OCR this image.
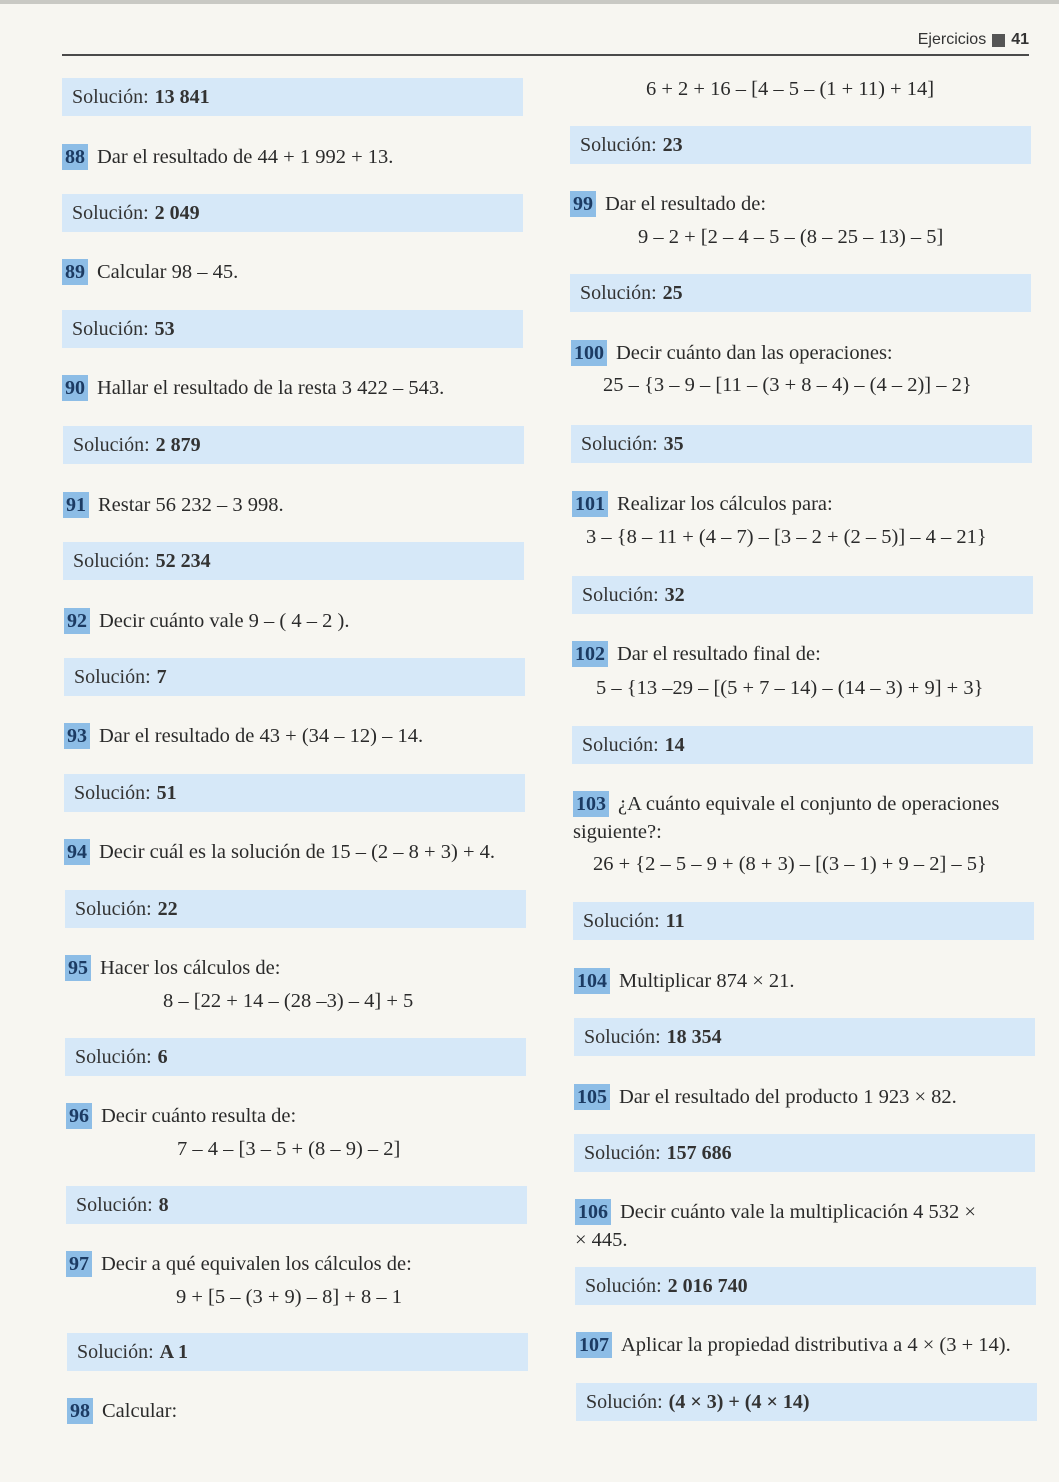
Ejercicios 41
Solución: 13 841
88 Dar el resultado de 44 + 1 992 + 13.
Solución: 2 049
89 Calcular 98 – 45.
Solución: 53
90 Hallar el resultado de la resta 3 422 – 543.
Solución: 2 879
91 Restar 56 232 – 3 998.
Solución: 52 234
92 Decir cuánto vale 9 – ( 4 – 2 ).
Solución: 7
93 Dar el resultado de 43 + (34 – 12) – 14.
Solución: 51
94 Decir cuál es la solución de 15 – (2 – 8 + 3) + 4.
Solución: 22
95 Hacer los cálculos de:
8 – [22 + 14 – (28 –3) – 4] + 5
Solución: 6
96 Decir cuánto resulta de:
7 – 4 – [3 – 5 + (8 – 9) – 2]
Solución: 8
97 Decir a qué equivalen los cálculos de:
9 + [5 – (3 + 9) – 8] + 8 – 1
Solución: A 1
98 Calcular:
6 + 2 + 16 – [4 – 5 – (1 + 11) + 14]
Solución: 23
99 Dar el resultado de:
9 – 2 + [2 – 4 – 5 – (8 – 25 – 13) – 5]
Solución: 25
100 Decir cuánto dan las operaciones:
25 – {3 – 9 – [11 – (3 + 8 – 4) – (4 – 2)] – 2}
Solución: 35
101 Realizar los cálculos para:
3 – {8 – 11 + (4 – 7) – [3 – 2 + (2 – 5)] – 4 – 21}
Solución: 32
102 Dar el resultado final de:
5 – {13 –29 – [(5 + 7 – 14) – (14 – 3) + 9] + 3}
Solución: 14
103 ¿A cuánto equivale el conjunto de operaciones
siguiente?:
26 + {2 – 5 – 9 + (8 + 3) – [(3 – 1) + 9 – 2] – 5}
Solución: 11
104 Multiplicar 874 × 21.
Solución: 18 354
105 Dar el resultado del producto 1 923 × 82.
Solución: 157 686
106 Decir cuánto vale la multiplicación 4 532 ×
× 445.
Solución: 2 016 740
107 Aplicar la propiedad distributiva a 4 × (3 + 14).
Solución: (4 × 3) + (4 × 14)
